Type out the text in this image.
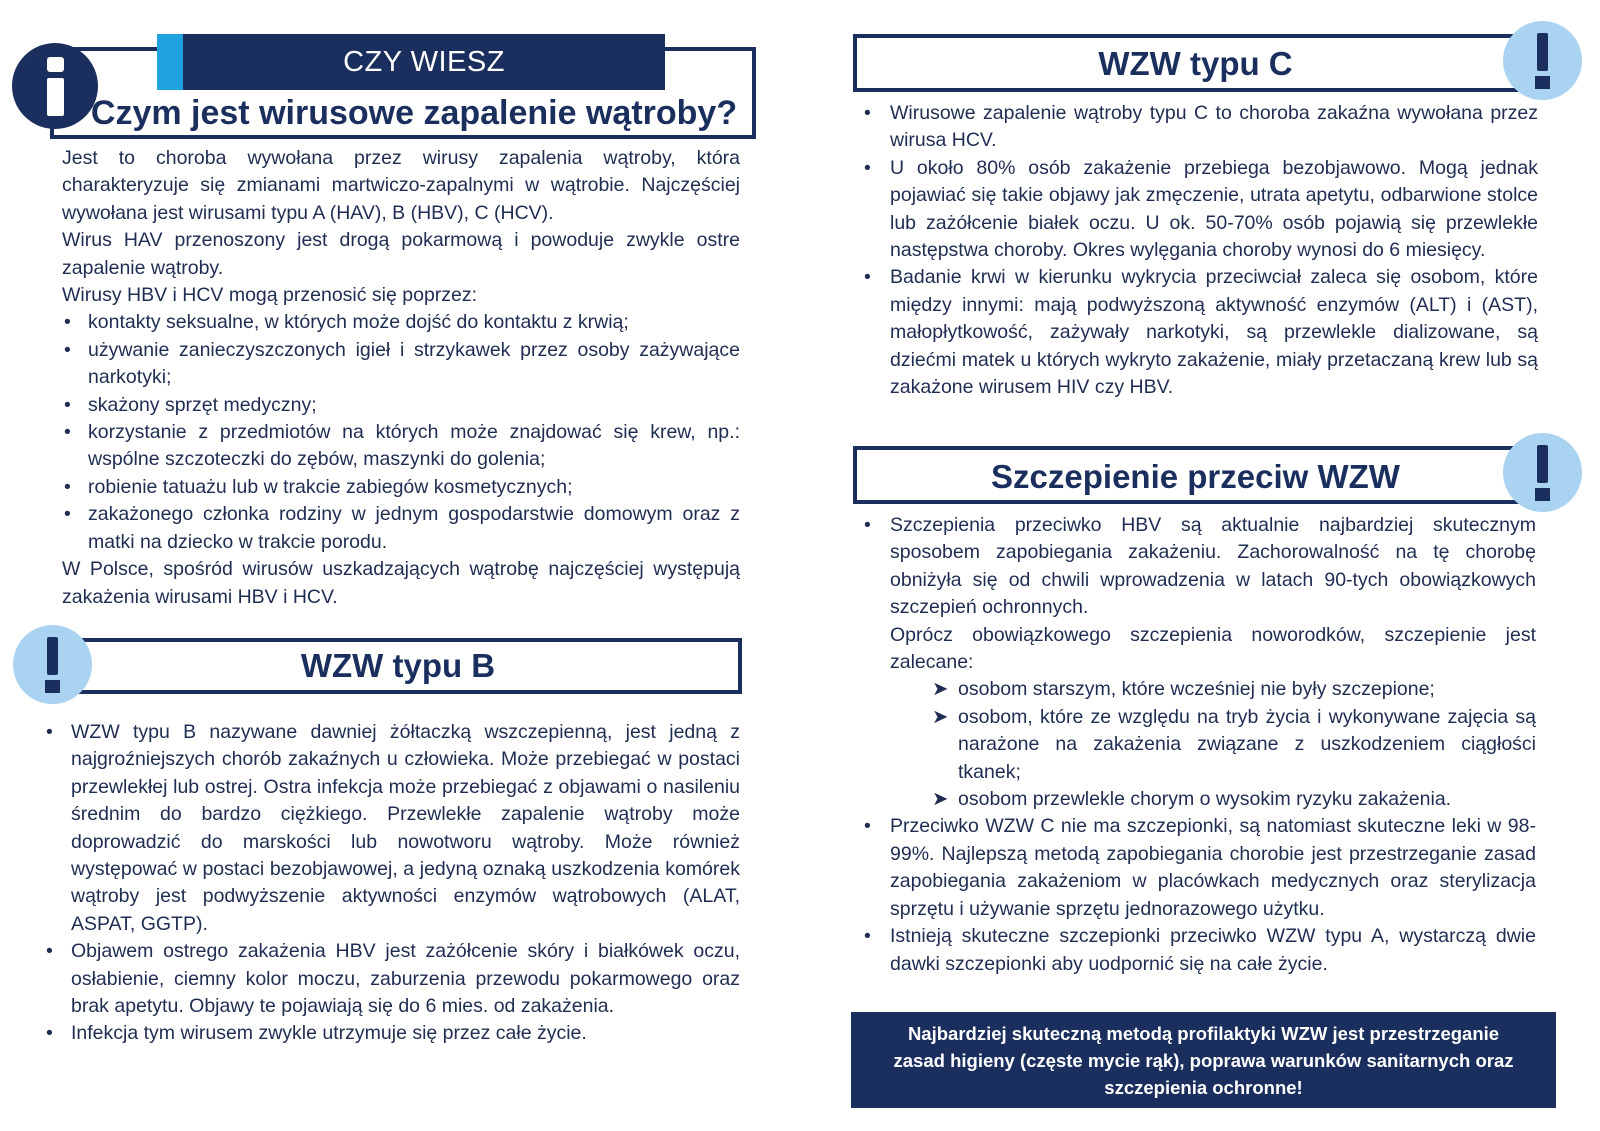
CZY WIESZ
Czym jest wirusowe zapalenie wątroby?
Jest to choroba wywołana przez wirusy zapalenia wątroby, która charakteryzuje się zmianami martwiczo-zapalnymi w wątrobie. Najczęściej wywołana jest wirusami typu A (HAV), B (HBV), C (HCV).
Wirus HAV przenoszony jest drogą pokarmową i powoduje zwykle ostre zapalenie wątroby.
Wirusy HBV i HCV mogą przenosić się poprzez:
• kontakty seksualne, w których może dojść do kontaktu z krwią;
• używanie zanieczyszczonych igieł i strzykawek przez osoby zażywające narkotyki;
• skażony sprzęt medyczny;
• korzystanie z przedmiotów na których może znajdować się krew, np.: wspólne szczoteczki do zębów, maszynki do golenia;
• robienie tatuażu lub w trakcie zabiegów kosmetycznych;
• zakażonego członka rodziny w jednym gospodarstwie domowym oraz z matki na dziecko w trakcie porodu.
W Polsce, spośród wirusów uszkadzających wątrobę najczęściej występują zakażenia wirusami HBV i HCV.
WZW typu B
• WZW typu B nazywane dawniej żółtaczką wszczepienną, jest jedną z najgroźniejszych chorób zakaźnych u człowieka. Może przebiegać w postaci przewlekłej lub ostrej. Ostra infekcja może przebiegać z objawami o nasileniu średnim do bardzo ciężkiego. Przewlekłe zapalenie wątroby może doprowadzić do marskości lub nowotworu wątroby. Może również występować w postaci bezobjawowej, a jedyną oznaką uszkodzenia komórek wątroby jest podwyższenie aktywności enzymów wątrobowych (ALAT, ASPAT, GGTP).
• Objawem ostrego zakażenia HBV jest zażółcenie skóry i białkówek oczu, osłabienie, ciemny kolor moczu, zaburzenia przewodu pokarmowego oraz brak apetytu. Objawy te pojawiają się do 6 mies. od zakażenia.
• Infekcja tym wirusem zwykle utrzymuje się przez całe życie.
WZW typu C
• Wirusowe zapalenie wątroby typu C to choroba zakaźna wywołana przez wirusa HCV.
• U około 80% osób zakażenie przebiega bezobjawowo. Mogą jednak pojawiać się takie objawy jak zmęczenie, utrata apetytu, odbarwione stolce lub zażółcenie białek oczu. U ok. 50-70% osób pojawią się przewlekłe następstwa choroby. Okres wylęgania choroby wynosi do 6 miesięcy.
• Badanie krwi w kierunku wykrycia przeciwciał zaleca się osobom, które między innymi: mają podwyższoną aktywność enzymów (ALT) i (AST), małopłytkowość, zażywały narkotyki, są przewlekle dializowane, są dziećmi matek u których wykryto zakażenie, miały przetaczaną krew lub są zakażone wirusem HIV czy HBV.
Szczepienie przeciw WZW
• Szczepienia przeciwko HBV są aktualnie najbardziej skutecznym sposobem zapobiegania zakażeniu. Zachorowalność na tę chorobę obniżyła się od chwili wprowadzenia w latach 90-tych obowiązkowych szczepień ochronnych.
Oprócz obowiązkowego szczepienia noworodków, szczepienie jest zalecane:
➤ osobom starszym, które wcześniej nie były szczepione;
➤ osobom, które ze względu na tryb życia i wykonywane zajęcia są narażone na zakażenia związane z uszkodzeniem ciągłości tkanek;
➤ osobom przewlekle chorym o wysokim ryzyku zakażenia.
• Przeciwko WZW C nie ma szczepionki, są natomiast skuteczne leki w 98-99%. Najlepszą metodą zapobiegania chorobie jest przestrzeganie zasad zapobiegania zakażeniom w placówkach medycznych oraz sterylizacja sprzętu i używanie sprzętu jednorazowego użytku.
• Istnieją skuteczne szczepionki przeciwko WZW typu A, wystarczą dwie dawki szczepionki aby uodpornić się na całe życie.
Najbardziej skuteczną metodą profilaktyki WZW jest przestrzeganie zasad higieny (częste mycie rąk), poprawa warunków sanitarnych oraz szczepienia ochronne!
